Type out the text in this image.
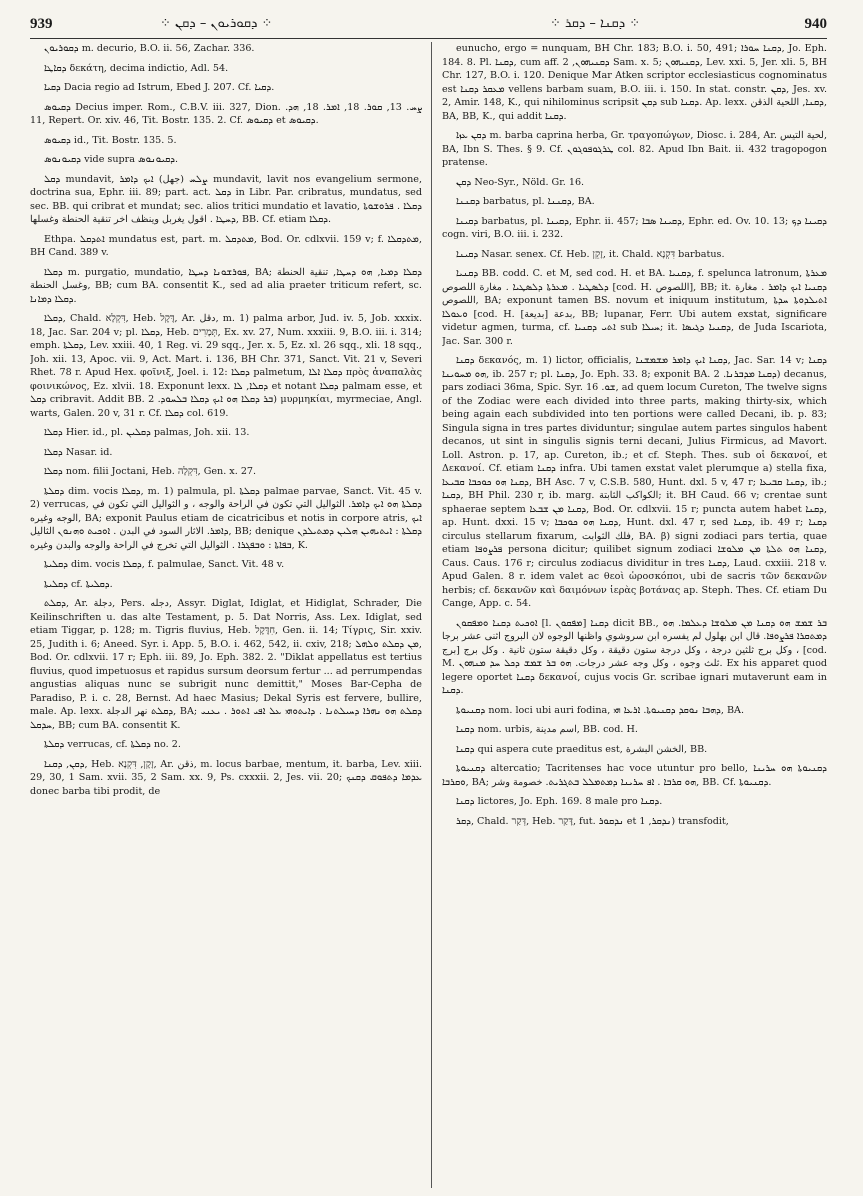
939	⁘ ܕܩܘܪܝܘܢ – ܕܩܢ ⁘	⁘ ܕܩܢܐ – ܕܩܪ ⁘	940

ܕܩܘܪܝܘܢ m. decurio, B.O. ii. 56, Zachar. 336.

ܕܩܐܛܐ δεκάτη, decima indictio, Adl. 54.

ܕܩܝܐ Dacia regio ad Istrum, Ebed J. 207. Cf. ܕܩܝܐ.

ܕܩܝܘܣ Decius imper. Rom., C.B.V. iii. 327, Dion. ܨܚ. 13, ܩܘܪ. 18, ܐܡܪ. 18, ܗܕ. 11, Repert. Or. xiv. 46, Tit. Bostr. 135. 2. Cf. ܕܩܝܘܣ et ܕܩܝܘܣ.

ܕܩܝܘܣ id., Tit. Bostr. 135. 5.

ܕܩܝܘܢܘܣ vide supra ܕܩܝܘܢܘܣ.

ܕܩܠ mundavit, ܨܠܚ (جهل) ܐܝܟ ܕܐܡܪ mundavit, lavit nos evangelium sermone, doctrina sua, Ephr. iii. 89; part. act. ܕܩܠ in Libr. Par. cribratus, mundatus, sed sec. BB. qui cribrat et mundat; sec. alios tritici mundatio et lavatio, ܕܩܠܐ . ܦܪܘܫܘܬܐ ܕܚܛܐ . اقول يغربل وينظف اخر تنقية الحنطة وغسلها, BB. Cf. etiam ܕܩܠܐ.

Ethpa. ܐܬܕܩܠ mundatus est, part. m. ܡܬܕܩܠ, Bod. Or. cdlxvii. 159 v; f. ܡܬܕܩܠܐ, BH Cand. 389 v.

ܕܩܠܐ m. purgatio, mundatio, ܦܘܪܫܘܢܐ ܕܚܛܐ, BA; ܕܩܠܐ ܕܡܝܐ, ܗܘ ܕܚܛܐ, تنقية الحنطة وغسل الحنطة, BB; cum BA. consentit K., sed ad alia praeter triticum refert, sc. ܕܩܠܐ ܕܡܐܢܐ.

ܕܩܠܐ, Chald. דִּקְלָא, Heb. דֶּקֶל, Ar. دقل, m. 1) palma arbor, Jud. iv. 5, Job. xxxix. 18, Jac. Sar. 204 v; pl. ܕܩܠܐ, Heb. תְּמָרִים, Ex. xv. 27, Num. xxxiii. 9, B.O. iii. i. 314; emph. ܕܩܠܬܐ, Lev. xxiii. 40, 1 Reg. vi. 29 sqq., Jer. x. 5, Ez. xl. 26 sqq., xli. 18 sqq., Joh. xii. 13, Apoc. vii. 9, Act. Mart. i. 136, BH Chr. 371, Sanct. Vit. 21 v, Severi Rhet. 78 r. Apud Hex. φοῖνιξ, Joel. i. 12: ܕܩܠܐ palmetum, ܕܩܠܐ ܐܠܐ πρὸς ἀναπαλὰς φοινικώνος, Ez. xlvii. 18. Exponunt lexx. ܕܩܠܐ, ܠܐ et notant ܕܩܠܐ palmam esse, et ܕܩܠ cribravit. Addit BB. ܒܪ ܕܩܠܐ ܗܘ ܐܝܟ ܕܩܠܐ ܒܠܚܘܕ. 2) μυρμηκίαι, myrmeciae, Angl. warts, Galen. 20 v, 31 r. Cf. ܕܩܠܐ col. 619.

ܕܩܠܐ Hier. id., pl. ܕܩܠܝܢ palmas, Joh. xii. 13.

ܕܩܠܐ Nasar. id.

ܕܩܠܐ nom. filii Joctani, Heb. דִּקְלָה, Gen. x. 27.

ܕܩܠܬܐ dim. vocis ܕܩܠܐ, m. 1) palmula, pl. ܕܩܠܬܐ palmae parvae, Sanct. Vit. 45 v. 2) verrucas, ܕܩܠܬܐ ܗܘ ܐܝܟ ܕܐܡܪ. الثواليل التي تكون في الراحة والوجه ، و الثواليل التي تكون في الوجه وغيره, BA; exponit Paulus etiam de cicatricibus et notis in corpore atris, ܐܝܟ ܕܐܡܪ. الاثار السود في البدن . ܐܘܟܝܬ ܘܗܢܘܢ الثاليل, BB; denique ܕܩܠܬܐ : ܐܝܬܝܗܝܢ ܗܠܝܢ ܕܡܬܝܠܕܢ ܒܦܐܬܐ : ܘܒܦܓܪܐ . الثواليل التي تخرج في الراحة والوجه والبدن وغيره, K.

ܕܩܠܝܬܐ dim. vocis ܕܩܠܐ, f. palmulae, Sanct. Vit. 48 v.

ܕܩܠܝܬܐ cf. ܕܩܠܝܬܐ.

ܕܩܠܬ, Ar. دجلة, Pers. دجله, Assyr. Diglat, Idiglat, et Hidiglat, Schrader, Die Keilinschriften u. das alte Testament, p. 5. Dat Norris, Ass. Lex. Idiglat, sed etiam Tiggar, p. 128; m. Tigris fluvius, Heb. חִדֶּקֶל, Gen. ii. 14; Τίγρις, Sir. xxiv. 25, Judith i. 6; Aneed. Syr. i. App. 5, B.O. i. 462, 542, ii. cxiv, 218; ܡܢ ܕܩܠܬ ܘܠܗܠ, Bod. Or. cdlxvii. 17 r; Eph. iii. 89, Jo. Eph. 382. 2. "Diklat appellatus est tertius fluvius, quod impetuosus et rapidus sursum deorsum fertur ... ad perrumpendas angustias aliquas nunc se subrigit nunc demittit," Moses Bar-Cepha de Paradiso, P. i. c. 28, Bernst. Ad haec Masius; Dekal Syris est fervere, bullire, male. Ap. lexx. ܕܩܠܬ نهر الدجلة, BA; ܕܩܠܬ ܗܘ ܢܗܪܐ ܕܚܝܠܬܢܐ . ܕܐܝܬܘܗܝ ܥܠ ܐܦܝ ܐܬܘܪ . ܝܥܢܝ ܚܕܩܠ, BB; cum BA. consentit K.

ܕܩܠܬܐ verrucas, cf. ܕܩܠܬܐ no. 2.

ܕܩܢ, ܕܩܢܐ, Heb. זָקָן, דִּקְנָא, Ar. ذقن, m. locus barbae, mentum, it. barba, Lev. xiii. 29, 30, 1 Sam. xvii. 35, 2 Sam. xx. 9, Ps. cxxxii. 2, Jes. vii. 20; ܥܕܡܐ ܕܬܦܘܩ ܕܩܢܟ donec barba tibi prodit, de

eunucho, ergo = nunquam, BH Chr. 183; B.O. i. 50, 491; ܕܩܢܐ ܚܘܪܐ, Jo. Eph. 184. 8. Pl. ܕܩܢܐ, cum aff. ܕܩܢܝܗܘܢ, 2 Sam. x. 5; ܕܩܢܝܗܘܢ, Lev. xxi. 5, Jer. xli. 5, BH Chr. 127, B.O. i. 120. Denique Mar Atken scriptor ecclesiasticus cognominatus est ܡܥܩܪ ܕܩܢܐ vellens barbam suam, B.O. iii. i. 150. In stat. constr. ܕܩܢ, Jes. xv. 2, Amir. 148, K., qui nihilominus scripsit ܕܩܢ sub ܕܩܢܐ. Ap. lexx. ܕܩܢܐ, اللحية الذقن, BA, BB, K., qui addit ܕܩܢܐ.

ܕܩܢ ܥܙܐ m. barba caprina herba, Gr. τραγοπώγων, Diosc. i. 284, Ar. لحية التيس, BA, Ibn S. Thes. § 9. Cf. ܛܪܓܘܦܘܓܘܢ col. 82. Apud Ibn Bait. ii. 432 tragopogon pratense.

ܕܩܢ Neo-Syr., Nöld. Gr. 16.

ܕܩܢܢܐ barbatus, pl. ܕܩܢܢܐ, BA.

ܕܩܝܢܐ barbatus, pl. ܕܩܝܢܐ, Ephr. ii. 457; ܕܩܝܢܐ ܣܒܐ, Ephr. ed. Ov. 10. 13; ܕܩܝܢܐ ܕܟ cogn. viri, B.O. iii. i. 232.

ܕܩܝܢܐ Nasar. senex. Cf. Heb. זָקֵן, it. Chald. דִּקְנָא barbatus.

ܕܩܢܝܐ BB. codd. C. et M, sed cod. H. et BA. ܕܩܢܝܐ, f. spelunca latronum, ܡܥܪܬܐ ܕܠܣܛܝܐ . ܡܥܪܬܐ ܕܠܣܛܝܐ . مغارة اللصوص [cod. H. اللصوص], BB; it. ܕܩܢܝܐ ܐܝܟ ܕܐܡܪ . مغارة اللصوص, BA; exponunt tamen BS. novum et iniquum institutum, ܐܬܝܠܕܘܬܐ ܚܕܬܐ ܘܥܘܠܐ [cod. H. بدعة [بديعة], BB; lupanar, Ferr. Ubi autem exstat, significare videtur agmen, turma, cf. ܐܬܝ ܕܩܢܝܐ sub ܚܝܠܐ; it. ܕܩܢܝܐ ܕܓܝܣܐ, de Juda Iscariota, Jac. Sar. 300 r.

ܕܩܢܐ δεκανός, m. 1) lictor, officialis, ܕܩܢܐ ܐܝܟ ܕܐܡܪ ܡܫܡܫܢܐ, Jac. Sar. 14 v; ܕܩܢܐ ܗܘ ܡܚܘܝܢܐ, ib. 257 r; pl. ܕܩܢܐ, Jo. Eph. 33. 8; exponit BA. ܕܩܢܐ ܡܕܒܪܢܐ. 2) decanus, pars zodiaci 36ma, Spic. Syr. ܫܘ. 16, ad quem locum Cureton, The twelve signs of the Zodiac were each divided into three parts, making thirty-six, which being again each subdivided into ten portions were called Decani, ib. p. 83; Singula signa in tres partes dividuntur; singulae autem partes singulos habent decanos, ut sint in singulis signis terni decani, Julius Firmicus, ad Mavort. Loll. Astron. p. 17, ap. Cureton, ib.; et cf. Steph. Thes. sub οἱ δεκανοί, et Δεκανοί. Cf. etiam ܕܩܢܐ infra. Ubi tamen exstat valet plerumque a) stella fixa, ܕܩܢܐ ܗܘ ܟܘܟܒܐ ܩܒܝܥܐ, BH Asc. 7 v, C.S.B. 580, Hunt. dxl. 5 v, 47 r; ܕܩܢܐ ܩܒܝܥܐ, ib.; ܕܩܢܐ, BH Phil. 230 r, ib. marg. الكواكب الثابتة; it. BH Caud. 66 v; crentae sunt sphaerae septem ܕܩܢܐ ܡܢ ܫܒܥܐ, Bod. Or. cdlxvii. 15 r; puncta autem habet ܕܩܢܐ, ap. Hunt. dxxi. 15 v; ܕܩܢܐ ܗܘ ܟܘܟܒܐ, Hunt. dxl. 47 r, sed ܕܩܢܐ, ib. 49 r; ܕܩܢܐ circulus stellarum fixarum, فلك الثوابت, BA. β) signi zodiaci pars tertia, quae etiam ܦܪܨܘܦܐ persona dicitur; quilibet signum zodiaci ܕܩܢܐ ܗܘ ܬܠܬܐ ܡܢ ܡܠܘܫܐ, Caus. Caus. 176 r; circulus zodiacus dividitur in tres ܕܩܢܐ, Laud. cxxiii. 218 v. Apud Galen. 8 r. idem valet ac θεοὶ ὡροσκόποι, ubi de sacris τῶν δεκανῶν herbis; cf. δεκανῶν καὶ δαιμόνων ἱερὰς βοτάνας ap. Steph. Thes. Cf. etiam Du Cange, App. c. 54.

ܐܘܟܝܬ ܕܩܢܐ ܘܡܦܩܘܢ [l. ܡܦܩܘܢ] ܕܩܢܐ dicit BB., ܒܪ ܫܡܫ ܗܘ ܕܩܢܐ ܡܢ ܡܠܘܫܐ ܕܥܠܡܐ. ܗܘ ܕܡܬܩܪܐ ܦܪܨܘܦܐ. قال ابن بهلول لم يفسره ابن سروشوي واظنها الوجوه لان البروج اثنى عشر برجا ، وكل برج ثلثين درجة ، وكل درجة ستون دقيقة ، وكل دقيقة ستون ثانية . وكل برج [برج [cod. M. ثلث وجوه ، وكل وجه عشر درجات. ܗܘ ܒܪ ܫܡܫ ܕܟܠ ܚܕ ܡܢܗܘܢ. Ex his apparet quod legere oportet ܕܩܢܐ δεκανοί, cujus vocis Gr. scribae ignari mutaverunt eam in ܕܩܢܐ.

ܕܩܢܝܘܬܐ nom. loci ubi auri fodina, ܕܗܒܐ ܢܘܩܕ ܕܩܢܝܘܬܐ. ܐܪܥܐ ܗܝ, BA.

ܕܩܢܐ nom. urbis, اسم مدينة, BB. cod. H.

ܕܩܢܐ qui aspera cute praeditus est, الخشن البشرة, BB.

ܕܩܢܝܘܬܐ altercatio; Tacritenses hac voce utuntur pro bello, ܕܩܢܝܘܬܐ ܗܘ ܚܪܝܢܐ ܘܩܪܒܐ, BA; ܗܘ ܩܪܒܐ . ܐܦ ܚܪܝܢܐ ܕܡܬܡܠܠ ܒܬܓܪܝܬ. خصومة وشر, BB. Cf. ܕܩܢܝܘܬܐ.

ܕܩܢܐ lictores, Jo. Eph. 169. 8 male pro ܕܩܢܐ.

ܕܩܪ, Chald. דְּקַר, Heb. דָּקַר, fut. ܢܕܩܘܪ et ܢܕܩܪ, 1) transfodit,
